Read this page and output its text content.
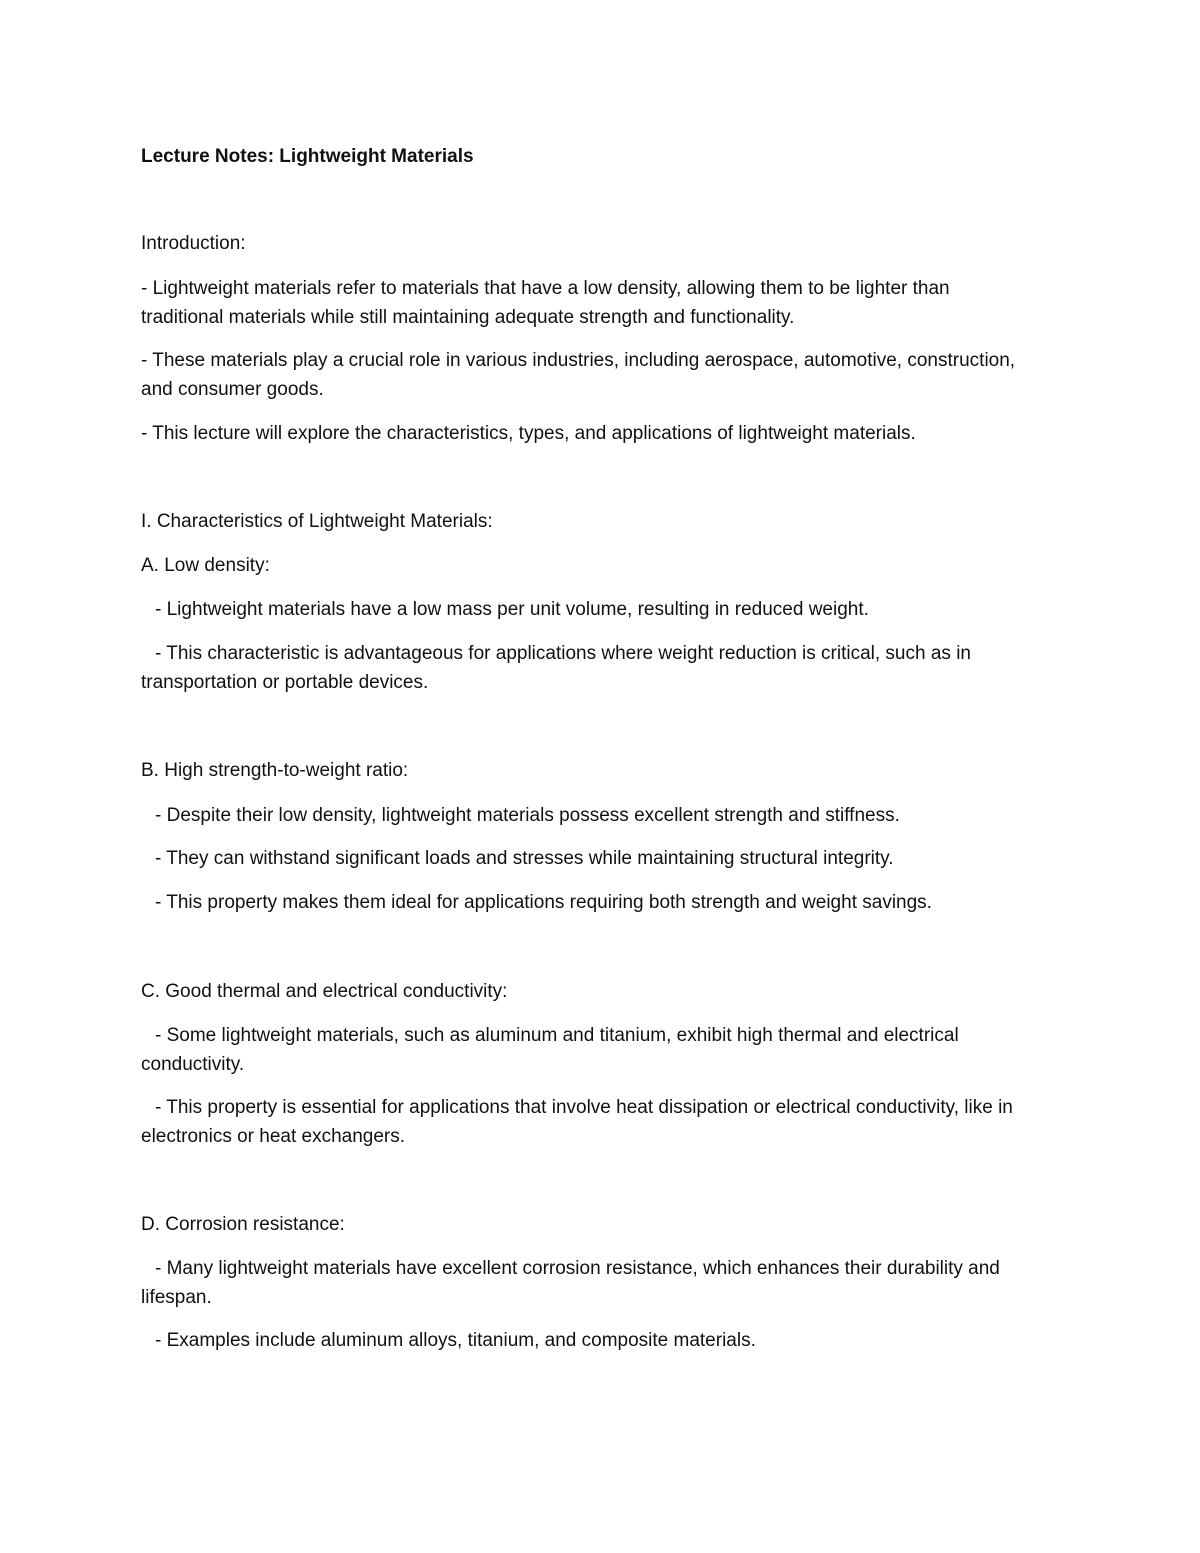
Lecture Notes: Lightweight Materials
Introduction:
- Lightweight materials refer to materials that have a low density, allowing them to be lighter than
traditional materials while still maintaining adequate strength and functionality.
- These materials play a crucial role in various industries, including aerospace, automotive, construction,
and consumer goods.
- This lecture will explore the characteristics, types, and applications of lightweight materials.
I. Characteristics of Lightweight Materials:
A. Low density:
- Lightweight materials have a low mass per unit volume, resulting in reduced weight.
- This characteristic is advantageous for applications where weight reduction is critical, such as in
transportation or portable devices.
B. High strength-to-weight ratio:
- Despite their low density, lightweight materials possess excellent strength and stiffness.
- They can withstand significant loads and stresses while maintaining structural integrity.
- This property makes them ideal for applications requiring both strength and weight savings.
C. Good thermal and electrical conductivity:
- Some lightweight materials, such as aluminum and titanium, exhibit high thermal and electrical
conductivity.
- This property is essential for applications that involve heat dissipation or electrical conductivity, like in
electronics or heat exchangers.
D. Corrosion resistance:
- Many lightweight materials have excellent corrosion resistance, which enhances their durability and
lifespan.
- Examples include aluminum alloys, titanium, and composite materials.
